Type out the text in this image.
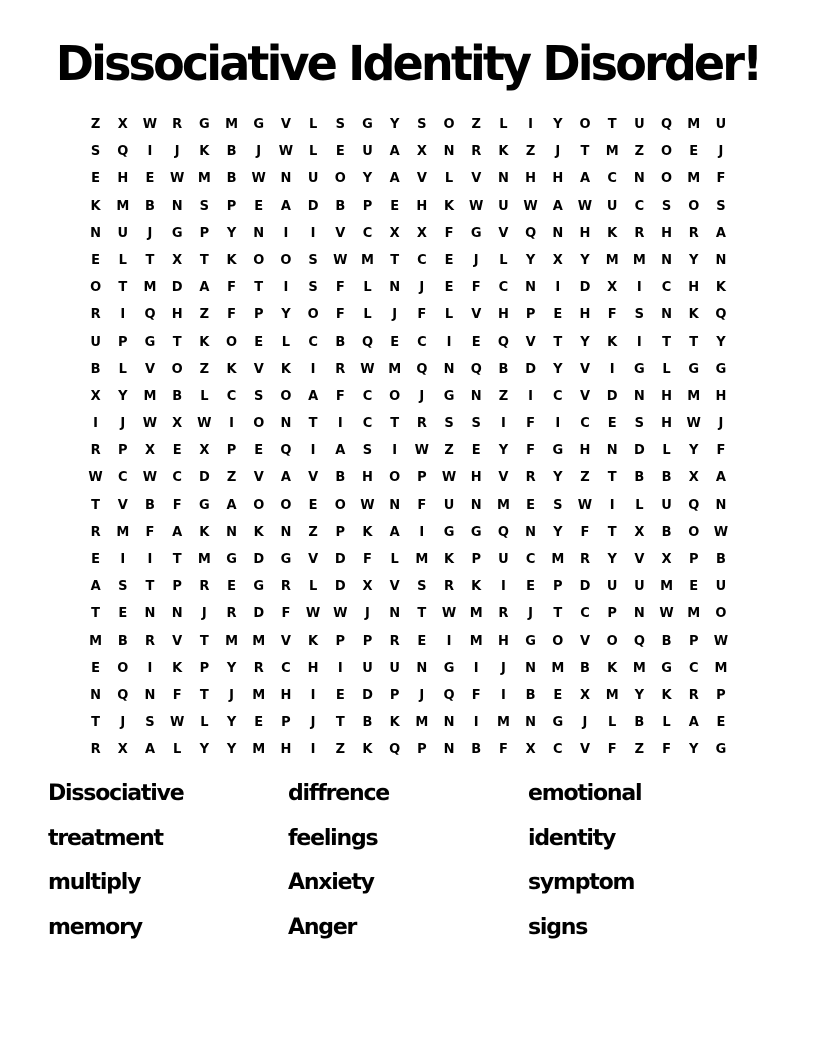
Dissociative Identity Disorder!
Z	X	W	R	G	M	G	V	L	S	G	Y	S	O	Z	L	I	Y	O	T	U	Q	M	U
S	Q	I	J	K	B	J	W	L	E	U	A	X	N	R	K	Z	J	T	M	Z	O	E	J
E	H	E	W	M	B	W	N	U	O	Y	A	V	L	V	N	H	H	A	C	N	O	M	F
K	M	B	N	S	P	E	A	D	B	P	E	H	K	W	U	W	A	W	U	C	S	O	S
N	U	J	G	P	Y	N	I	I	V	C	X	X	F	G	V	Q	N	H	K	R	H	R	A
E	L	T	X	T	K	O	O	S	W	M	T	C	E	J	L	Y	X	Y	M	M	N	Y	N
O	T	M	D	A	F	T	I	S	F	L	N	J	E	F	C	N	I	D	X	I	C	H	K
R	I	Q	H	Z	F	P	Y	O	F	L	J	F	L	V	H	P	E	H	F	S	N	K	Q
U	P	G	T	K	O	E	L	C	B	Q	E	C	I	E	Q	V	T	Y	K	I	T	T	Y
B	L	V	O	Z	K	V	K	I	R	W	M	Q	N	Q	B	D	Y	V	I	G	L	G	G
X	Y	M	B	L	C	S	O	A	F	C	O	J	G	N	Z	I	C	V	D	N	H	M	H
I	J	W	X	W	I	O	N	T	I	C	T	R	S	S	I	F	I	C	E	S	H	W	J
R	P	X	E	X	P	E	Q	I	A	S	I	W	Z	E	Y	F	G	H	N	D	L	Y	F
W	C	W	C	D	Z	V	A	V	B	H	O	P	W	H	V	R	Y	Z	T	B	B	X	A
T	V	B	F	G	A	O	O	E	O	W	N	F	U	N	M	E	S	W	I	L	U	Q	N
R	M	F	A	K	N	K	N	Z	P	K	A	I	G	G	Q	N	Y	F	T	X	B	O	W
E	I	I	T	M	G	D	G	V	D	F	L	M	K	P	U	C	M	R	Y	V	X	P	B
A	S	T	P	R	E	G	R	L	D	X	V	S	R	K	I	E	P	D	U	U	M	E	U
T	E	N	N	J	R	D	F	W W	J	N	T	W	M	R	J	T	C	P	N	W	M	O
M	B	R	V	T	M	M	V	K	P	P	R	E	I	M	H	G	O	V	O	Q	B	P	W
E	O	I	K	P	Y	R	C	H	I	U	U	N	G	I	J	N	M	B	K	M	G	C	M
N	Q	N	F	T	J	M	H	I	E	D	P	J	Q	F	I	B	E	X	M	Y	K	R	P
T	J	S	W	L	Y	E	P	J	T	B	K	M	N	I	M	N	G	J	L	B	L	A	E
R	X	A	L	Y	Y	M	H	I	Z	K	Q	P	N	B	F	X	C	V	F	Z	F	Y	G
Dissociative	diffrence	emotional
treatment	feelings	identity
multiply	Anxiety	symptom
memory	Anger	signs
